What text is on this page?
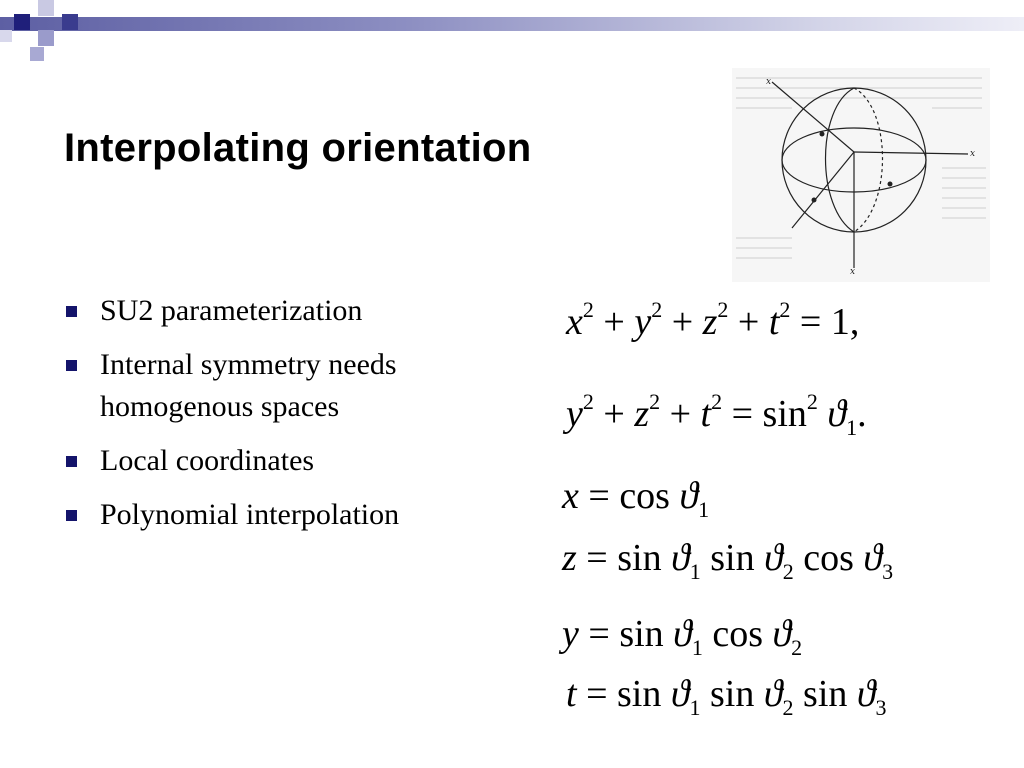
Interpolating orientation
SU2 parameterization
Internal symmetry needs homogenous spaces
Local coordinates
Polynomial interpolation
x
x
x
$x^2 + y^2 + z^2 + t^2 = 1$,
$y^2 + z^2 + t^2 = \sin^2 ϑ_1$.
$x = \cos ϑ_1$
$z = \sin ϑ_1$ $\sin ϑ_2$ $\cos ϑ_3$
$y = \sin ϑ_1$ $\cos ϑ_2$
$t = \sin ϑ_1$ $\sin ϑ_2$ $\sin ϑ_3$
